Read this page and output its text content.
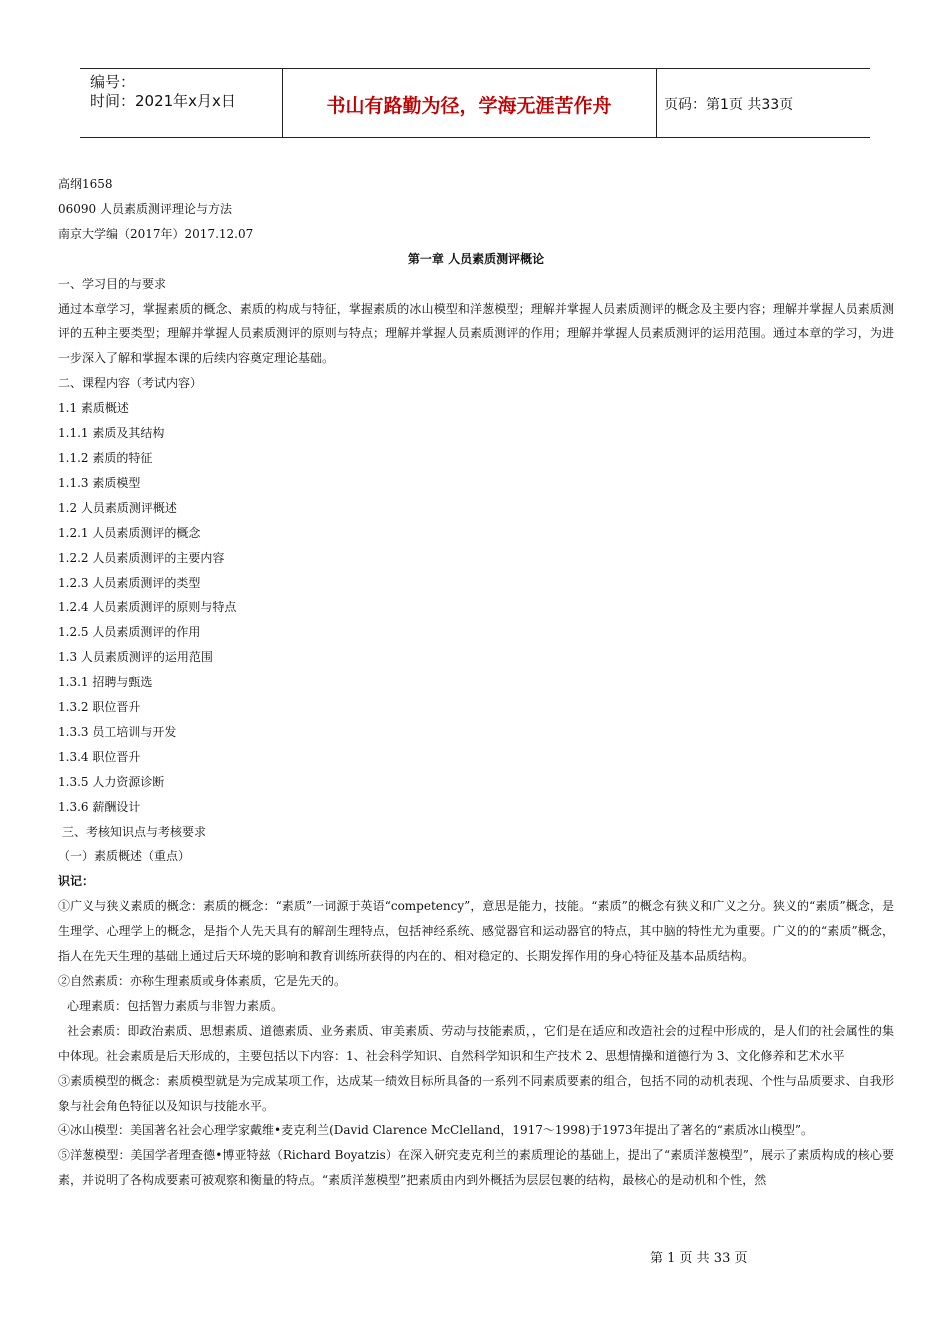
编号：
时间：2021年x月x日	书山有路勤为径，学海无涯苦作舟	页码：第1页 共33页

高纲1658

06090 人员素质测评理论与方法

南京大学编（2017年）2017.12.07

第一章 人员素质测评概论

一、学习目的与要求

通过本章学习，掌握素质的概念、素质的构成与特征，掌握素质的冰山模型和洋葱模型；理解并掌握人员素质测评的概念及主要内容；理解并掌握人员素质测评的五种主要类型；理解并掌握人员素质测评的原则与特点；理解并掌握人员素质测评的作用；理解并掌握人员素质测评的运用范围。通过本章的学习，为进一步深入了解和掌握本课的后续内容奠定理论基础。

二、课程内容（考试内容）

1.1 素质概述

1.1.1 素质及其结构

1.1.2 素质的特征

1.1.3 素质模型

1.2 人员素质测评概述

1.2.1 人员素质测评的概念

1.2.2 人员素质测评的主要内容

1.2.3 人员素质测评的类型

1.2.4 人员素质测评的原则与特点

1.2.5 人员素质测评的作用

1.3 人员素质测评的运用范围

1.3.1 招聘与甄选

1.3.2 职位晋升

1.3.3 员工培训与开发

1.3.4 职位晋升

1.3.5 人力资源诊断

1.3.6 薪酬设计

三、考核知识点与考核要求

（一）素质概述（重点）

识记：

①广义与狭义素质的概念：素质的概念：“素质”一词源于英语“competency”，意思是能力，技能。“素质”的概念有狭义和广义之分。狭义的“素质”概念，是生理学、心理学上的概念，是指个人先天具有的解剖生理特点，包括神经系统、感觉器官和运动器官的特点，其中脑的特性尤为重要。广义的的“素质”概念，指人在先天生理的基础上通过后天环境的影响和教育训练所获得的内在的、相对稳定的、长期发挥作用的身心特征及基本品质结构。

②自然素质：亦称生理素质或身体素质，它是先天的。

心理素质：包括智力素质与非智力素质。

社会素质：即政治素质、思想素质、道德素质、业务素质、审美素质、劳动与技能素质，，它们是在适应和改造社会的过程中形成的，是人们的社会属性的集中体现。社会素质是后天形成的，主要包括以下内容：1、社会科学知识、自然科学知识和生产技术 2、思想情操和道德行为 3、文化修养和艺术水平

③素质模型的概念：素质模型就是为完成某项工作，达成某一绩效目标所具备的一系列不同素质要素的组合，包括不同的动机表现、个性与品质要求、自我形象与社会角色特征以及知识与技能水平。

④冰山模型：美国著名社会心理学家戴维•麦克利兰(David Clarence McClelland，1917～1998)于1973年提出了著名的“素质冰山模型”。

⑤洋葱模型：美国学者理查德•博亚特兹（Richard Boyatzis）在深入研究麦克利兰的素质理论的基础上，提出了“素质洋葱模型”，展示了素质构成的核心要素，并说明了各构成要素可被观察和衡量的特点。“素质洋葱模型”把素质由内到外概括为层层包裹的结构，最核心的是动机和个性，然

第 1 页 共 33 页
